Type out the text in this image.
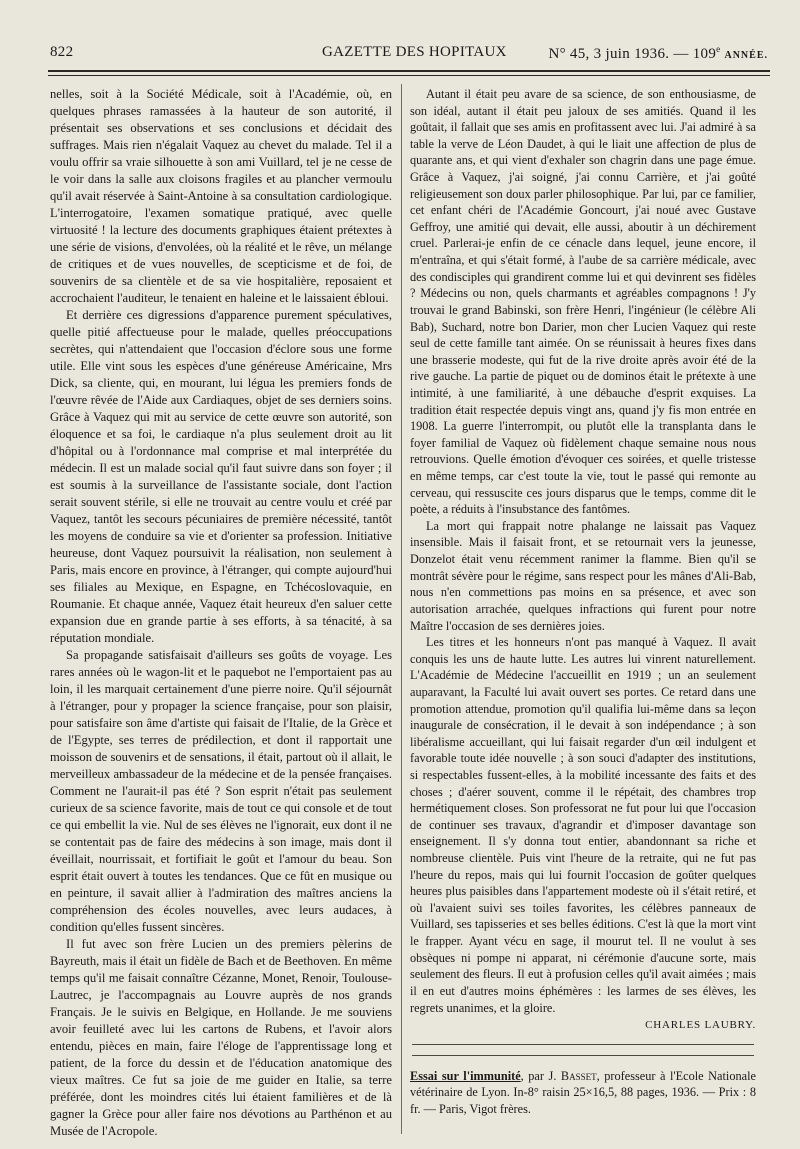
822	GAZETTE DES HOPITAUX	N° 45, 3 juin 1936. — 109e ANNÉE.

nelles, soit à la Société Médicale, soit à l'Académie, où, en quelques phrases ramassées à la hauteur de son autorité, il présentait ses observations et ses conclusions et décidait des suffrages. Mais rien n'égalait Vaquez au chevet du malade. Tel il a voulu offrir sa vraie silhouette à son ami Vuillard, tel je ne cesse de le voir dans la salle aux cloisons fragiles et au plancher vermoulu qu'il avait réservée à Saint-Antoine à sa consultation cardiologique. L'interrogatoire, l'examen somatique pratiqué, avec quelle virtuosité ! la lecture des documents graphiques étaient prétextes à une série de visions, d'envolées, où la réalité et le rêve, un mélange de critiques et de vues nouvelles, de scepticisme et de foi, de souvenirs de sa clientèle et de sa vie hospitalière, reposaient et accrochaient l'auditeur, le tenaient en haleine et le laissaient ébloui.

Et derrière ces digressions d'apparence purement spéculatives, quelle pitié affectueuse pour le malade, quelles préoccupations secrètes, qui n'attendaient que l'occasion d'éclore sous une forme utile. Elle vint sous les espèces d'une généreuse Américaine, Mrs Dick, sa cliente, qui, en mourant, lui légua les premiers fonds de l'œuvre rêvée de l'Aide aux Cardiaques, objet de ses derniers soins. Grâce à Vaquez qui mit au service de cette œuvre son autorité, son éloquence et sa foi, le cardiaque n'a plus seulement droit au lit d'hôpital ou à l'ordonnance mal comprise et mal interprétée du médecin. Il est un malade social qu'il faut suivre dans son foyer ; il est soumis à la surveillance de l'assistante sociale, dont l'action serait souvent stérile, si elle ne trouvait au centre voulu et créé par Vaquez, tantôt les secours pécuniaires de première nécessité, tantôt les moyens de conduire sa vie et d'orienter sa profession. Initiative heureuse, dont Vaquez poursuivit la réalisation, non seulement à Paris, mais encore en province, à l'étranger, qui compte aujourd'hui ses filiales au Mexique, en Espagne, en Tchécoslovaquie, en Roumanie. Et chaque année, Vaquez était heureux d'en saluer cette expansion due en grande partie à ses efforts, à sa ténacité, à sa réputation mondiale.

Sa propagande satisfaisait d'ailleurs ses goûts de voyage. Les rares années où le wagon-lit et le paquebot ne l'emportaient pas au loin, il les marquait certainement d'une pierre noire. Qu'il séjournât à l'étranger, pour y propager la science française, pour son plaisir, pour satisfaire son âme d'artiste qui faisait de l'Italie, de la Grèce et de l'Egypte, ses terres de prédilection, et dont il rapportait une moisson de souvenirs et de sensations, il était, partout où il allait, le merveilleux ambassadeur de la médecine et de la pensée françaises. Comment ne l'aurait-il pas été ? Son esprit n'était pas seulement curieux de sa science favorite, mais de tout ce qui console et de tout ce qui embellit la vie. Nul de ses élèves ne l'ignorait, eux dont il ne se contentait pas de faire des médecins à son image, mais dont il éveillait, nourrissait, et fortifiait le goût et l'amour du beau. Son esprit était ouvert à toutes les tendances. Que ce fût en musique ou en peinture, il savait allier à l'admiration des maîtres anciens la compréhension des écoles nouvelles, avec leurs audaces, à condition qu'elles fussent sincères.

Il fut avec son frère Lucien un des premiers pèlerins de Bayreuth, mais il était un fidèle de Bach et de Beethoven. En même temps qu'il me faisait connaître Cézanne, Monet, Renoir, Toulouse-Lautrec, je l'accompagnais au Louvre auprès de nos grands Français. Je le suivis en Belgique, en Hollande. Je me souviens avoir feuilleté avec lui les cartons de Rubens, et l'avoir alors entendu, pièces en main, faire l'éloge de l'apprentissage long et patient, de la force du dessin et de l'éducation anatomique des vieux maîtres. Ce fut sa joie de me guider en Italie, sa terre préférée, dont les moindres cités lui étaient familières et de là gagner la Grèce pour aller faire nos dévotions au Parthénon et au Musée de l'Acropole.

Autant il était peu avare de sa science, de son enthousiasme, de son idéal, autant il était peu jaloux de ses amitiés. Quand il les goûtait, il fallait que ses amis en profitassent avec lui. J'ai admiré à sa table la verve de Léon Daudet, à qui le liait une affection de plus de quarante ans, et qui vient d'exhaler son chagrin dans une page émue. Grâce à Vaquez, j'ai soigné, j'ai connu Carrière, et j'ai goûté religieusement son doux parler philosophique. Par lui, par ce familier, cet enfant chéri de l'Académie Goncourt, j'ai noué avec Gustave Geffroy, une amitié qui devait, elle aussi, aboutir à un déchirement cruel. Parlerai-je enfin de ce cénacle dans lequel, jeune encore, il m'entraîna, et qui s'était formé, à l'aube de sa carrière médicale, avec des condisciples qui grandirent comme lui et qui devinrent ses fidèles ? Médecins ou non, quels charmants et agréables compagnons ! J'y trouvai le grand Babinski, son frère Henri, l'ingénieur (le célèbre Ali Bab), Suchard, notre bon Darier, mon cher Lucien Vaquez qui reste seul de cette famille tant aimée. On se réunissait à heures fixes dans une brasserie modeste, qui fut de la rive droite après avoir été de la rive gauche. La partie de piquet ou de dominos était le prétexte à une intimité, à une familiarité, à une débauche d'esprit exquises. La tradition était respectée depuis vingt ans, quand j'y fis mon entrée en 1908. La guerre l'interrompit, ou plutôt elle la transplanta dans le foyer familial de Vaquez où fidèlement chaque semaine nous nous retrouvions. Quelle émotion d'évoquer ces soirées, et quelle tristesse en même temps, car c'est toute la vie, tout le passé qui remonte au cerveau, qui ressuscite ces jours disparus que le temps, comme dit le poète, a réduits à l'insubstance des fantômes.

La mort qui frappait notre phalange ne laissait pas Vaquez insensible. Mais il faisait front, et se retournait vers la jeunesse, Donzelot était venu récemment ranimer la flamme. Bien qu'il se montrât sévère pour le régime, sans respect pour les mânes d'Ali-Bab, nous n'en commettions pas moins en sa présence, et avec son autorisation arrachée, quelques infractions qui furent pour notre Maître l'occasion de ses dernières joies.

Les titres et les honneurs n'ont pas manqué à Vaquez. Il avait conquis les uns de haute lutte. Les autres lui vinrent naturellement. L'Académie de Médecine l'accueillit en 1919 ; un an seulement auparavant, la Faculté lui avait ouvert ses portes. Ce retard dans une promotion attendue, promotion qu'il qualifia lui-même dans sa leçon inaugurale de consécration, il le devait à son indépendance ; à son libéralisme accueillant, qui lui faisait regarder d'un œil indulgent et favorable toute idée nouvelle ; à son souci d'adapter des institutions, si respectables fussent-elles, à la mobilité incessante des faits et des choses ; d'aérer souvent, comme il le répétait, des chambres trop hermétiquement closes. Son professorat ne fut pour lui que l'occasion de continuer ses travaux, d'agrandir et d'imposer davantage son enseignement. Il s'y donna tout entier, abandonnant sa riche et nombreuse clientèle. Puis vint l'heure de la retraite, qui ne fut pas l'heure du repos, mais qui lui fournit l'occasion de goûter quelques heures plus paisibles dans l'appartement modeste où il s'était retiré, et où l'avaient suivi ses toiles favorites, les célèbres panneaux de Vuillard, ses tapisseries et ses belles éditions. C'est là que la mort vint le frapper. Ayant vécu en sage, il mourut tel. Il ne voulut à ses obsèques ni pompe ni apparat, ni cérémonie d'aucune sorte, mais seulement des fleurs. Il eut à profusion celles qu'il avait aimées ; mais il en eut d'autres moins éphémères : les larmes de ses élèves, les regrets unanimes, et la gloire.

CHARLES LAUBRY.

Essai sur l'immunité, par J. Basset, professeur à l'Ecole Nationale vétérinaire de Lyon. In-8° raisin 25×16,5, 88 pages, 1936. — Prix : 8 fr. — Paris, Vigot frères.
